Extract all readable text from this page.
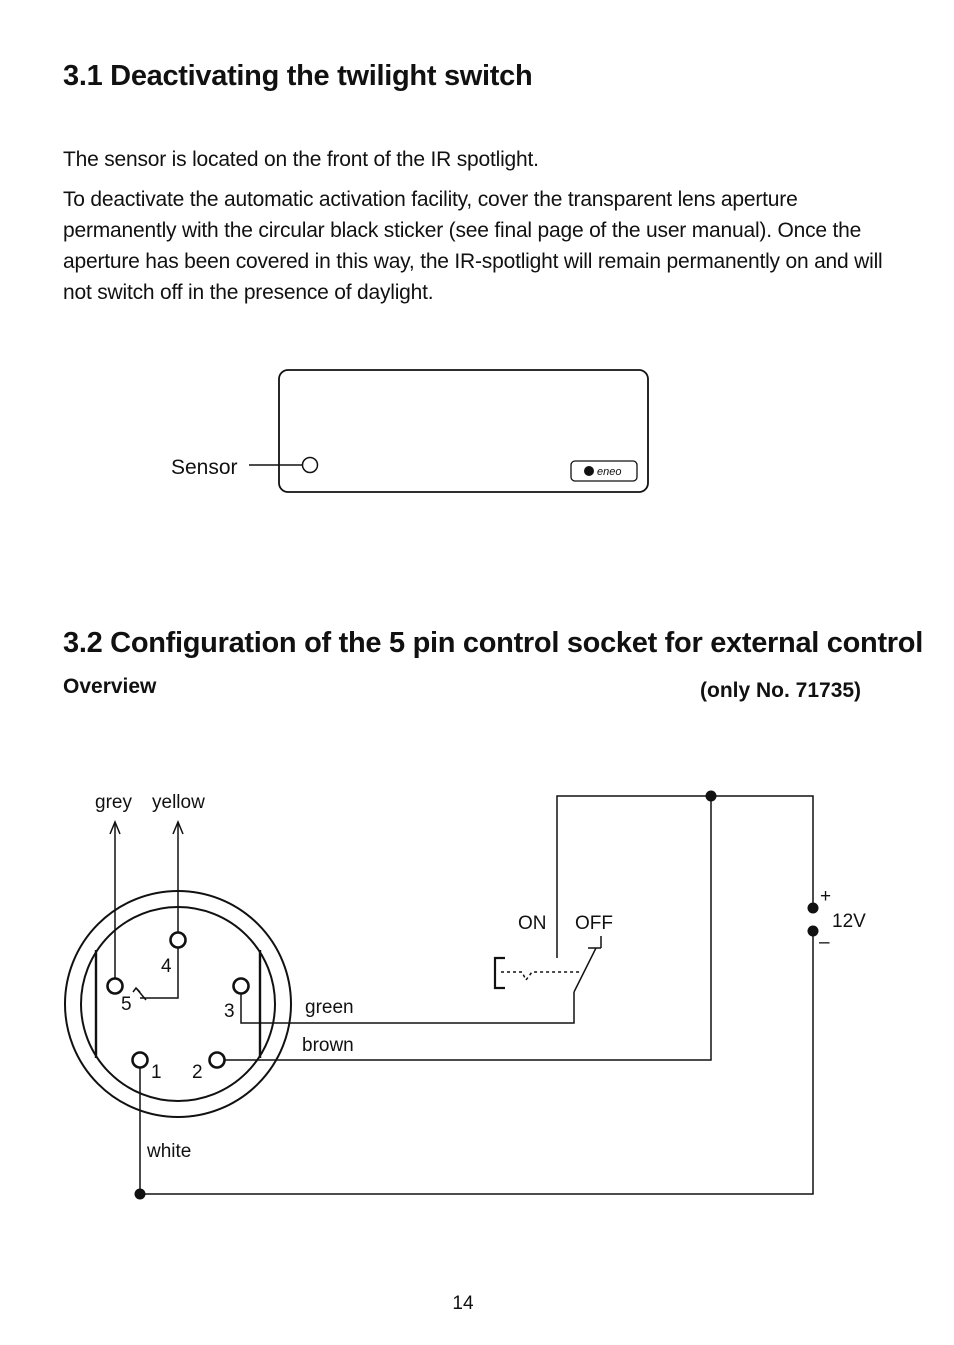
3.1 Deactivating the twilight switch
The sensor is located on the front of the IR spotlight.
To deactivate the automatic activation facility, cover the transparent lens aperture permanently with the circular black sticker (see final page of the user manual). Once the aperture has been covered in this way, the IR-spotlight will remain permanently on and will not switch off in the presence of daylight.
Sensor	eneo
3.2 Configuration of the 5 pin control socket for external control
Overview	(only No. 71735)
grey yellow
4
5	3
1 2
green
brown
white
ON OFF
+
–
12V
14
